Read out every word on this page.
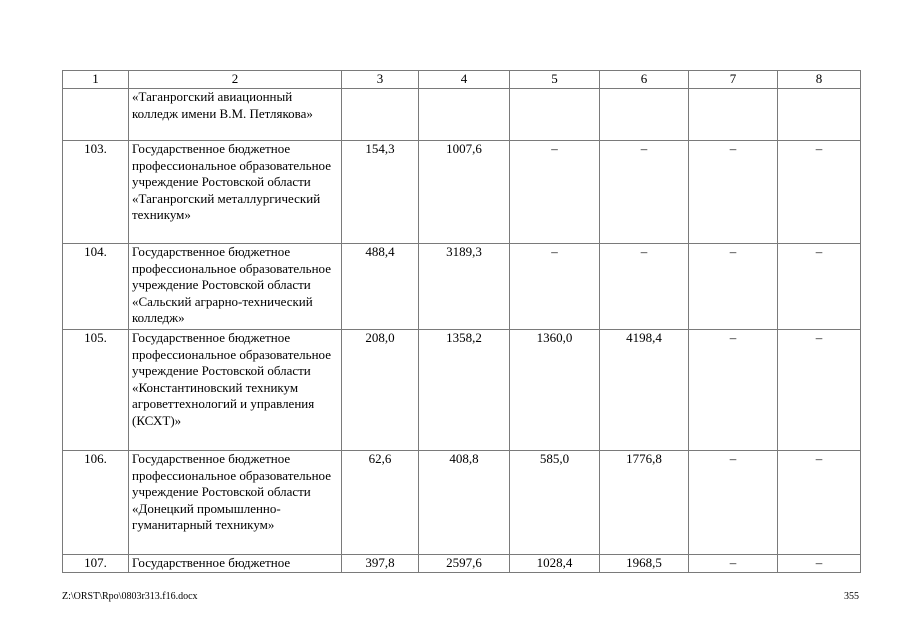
1	2	3	4	5	6	7	8
	«Таганрогский авиационный колледж имени В.М. Петлякова»						
103.	Государственное бюджетное профессиональное образовательное учреждение Ростовской области «Таганрогский металлургический техникум»	154,3	1007,6	–	–	–	–
104.	Государственное бюджетное профессиональное образовательное учреждение Ростовской области «Сальский аграрно-технический колледж»	488,4	3189,3	–	–	–	–
105.	Государственное бюджетное профессиональное образовательное учреждение Ростовской области «Константиновский техникум агроветтехнологий и управления (КСХТ)»	208,0	1358,2	1360,0	4198,4	–	–
106.	Государственное бюджетное профессиональное образовательное учреждение Ростовской области «Донецкий промышленно-гуманитарный техникум»	62,6	408,8	585,0	1776,8	–	–
107.	Государственное бюджетное	397,8	2597,6	1028,4	1968,5	–	–
Z:\ORST\Rpo\0803r313.f16.docx	355
